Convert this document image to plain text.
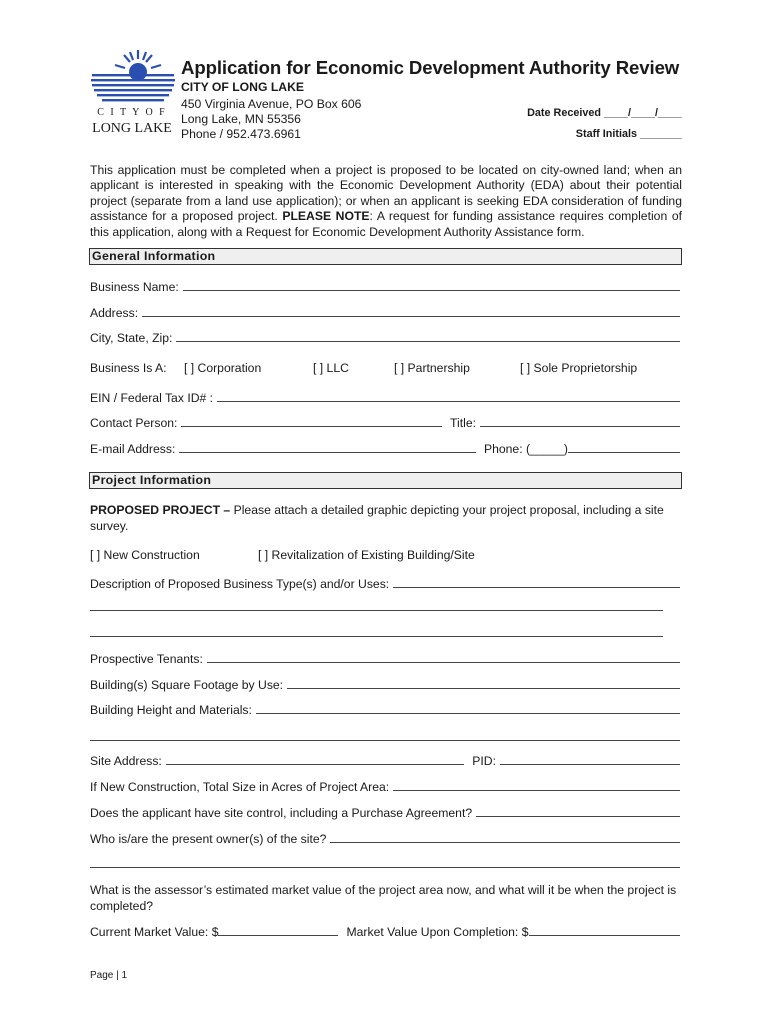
C I T Y O F
LONG LAKE
Application for Economic Development Authority Review
CITY OF LONG LAKE
450 Virginia Avenue, PO Box 606
Long Lake, MN 55356
Phone / 952.473.6961
Date Received ____/____/____
Staff Initials _______
This application must be completed when a project is proposed to be located on city-owned land; when an applicant is interested in speaking with the Economic Development Authority (EDA) about their potential project (separate from a land use application); or when an applicant is seeking EDA consideration of funding assistance for a proposed project. PLEASE NOTE: A request for funding assistance requires completion of this application, along with a Request for Economic Development Authority Assistance form.
General Information
Business Name:
Address:
City, State, Zip:
Business Is A: [ ] Corporation	[ ] LLC	[ ] Partnership	[ ] Sole Proprietorship
EIN / Federal Tax ID# :
Contact Person:	Title:
E-mail Address:	Phone: (_____)
Project Information
PROPOSED PROJECT – Please attach a detailed graphic depicting your project proposal, including a site survey.
[ ] New Construction	[ ] Revitalization of Existing Building/Site
Description of Proposed Business Type(s) and/or Uses:
Prospective Tenants:
Building(s) Square Footage by Use:
Building Height and Materials:
Site Address:	PID:
If New Construction, Total Size in Acres of Project Area:
Does the applicant have site control, including a Purchase Agreement?
Who is/are the present owner(s) of the site?
What is the assessor’s estimated market value of the project area now, and what will it be when the project is completed?
Current Market Value: $	Market Value Upon Completion: $
Page | 1
